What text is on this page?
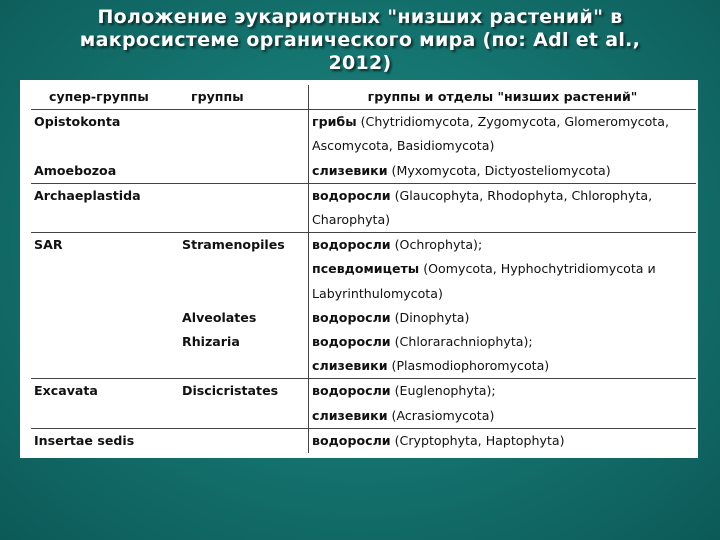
Положение эукариотных "низших растений" в
макросистеме органического мира (по: Adl et al.,
2012)
супер-группы	группы	группы и отделы "низших растений"
Opistokonta		грибы (Chytridiomycota, Zygomycota, Glomeromycota,
		Ascomycota, Basidiomycota)
Amoebozoa		слизевики (Myxomycota, Dictyosteliomycota)
Archaeplastida		водоросли (Glaucophyta, Rhodophyta, Chlorophyta,
		Charophyta)
SAR	Stramenopiles	водоросли (Ochrophyta);
		псевдомицеты (Oomycota, Hyphochytridiomycota и
		Labyrinthulomycota)
	Alveolates	водоросли (Dinophyta)
	Rhizaria	водоросли (Chlorarachniophyta);
		слизевики (Plasmodiophoromycota)
Excavata	Discicristates	водоросли (Euglenophyta);
		слизевики (Acrasiomycota)
Insertae sedis		водоросли (Cryptophyta, Haptophyta)
